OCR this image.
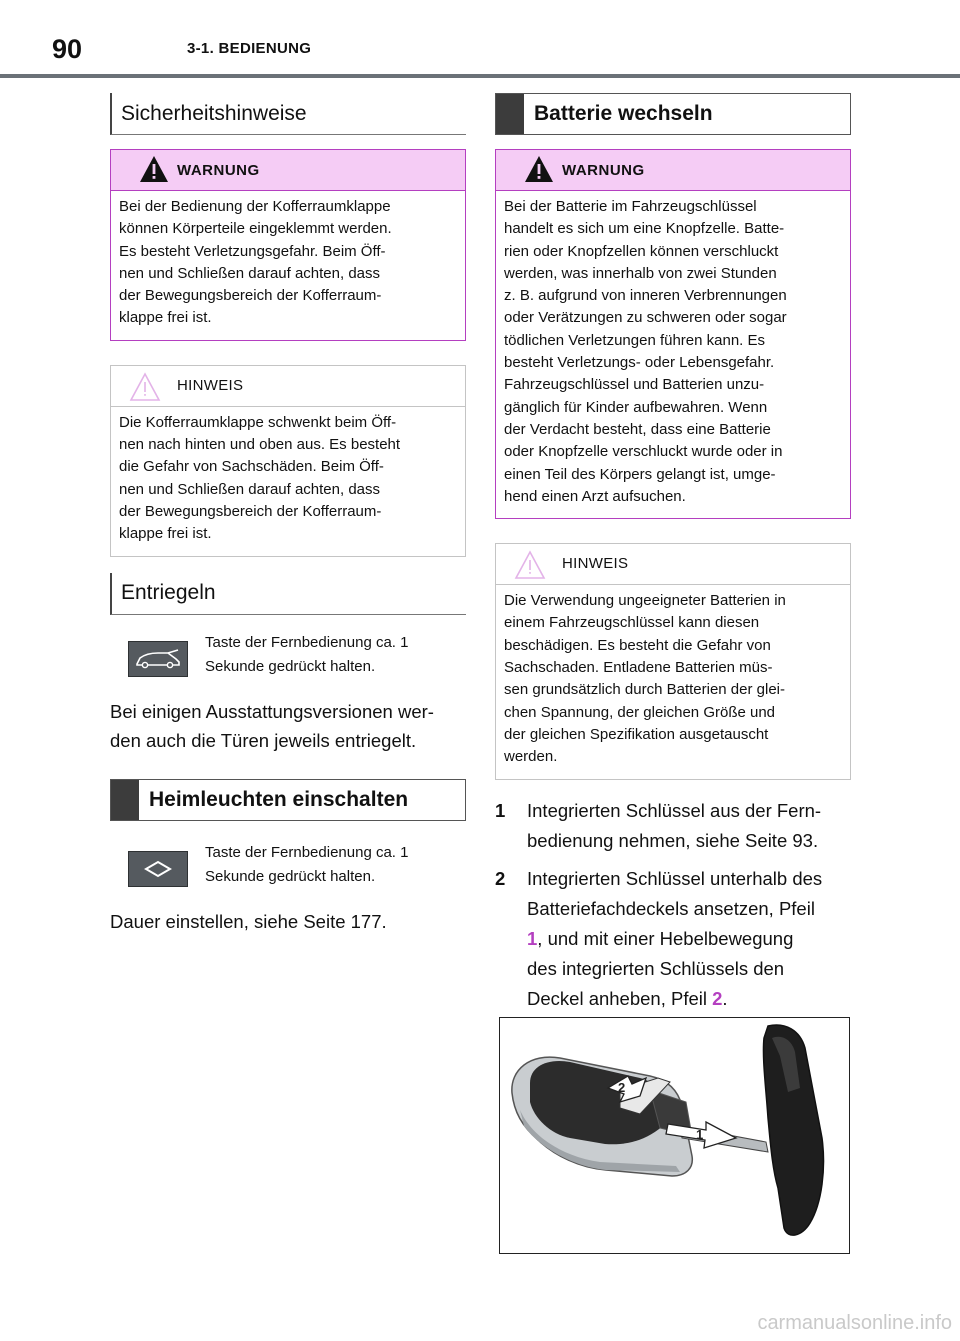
90	3-1. BEDIENUNG
Sicherheitshinweise
WARNUNG
Bei der Bedienung der Kofferraumklappe
können Körperteile eingeklemmt werden.
Es besteht Verletzungsgefahr. Beim Öff-
nen und Schließen darauf achten, dass
der Bewegungsbereich der Kofferraum-
klappe frei ist.
HINWEIS
Die Kofferraumklappe schwenkt beim Öff-
nen nach hinten und oben aus. Es besteht
die Gefahr von Sachschäden. Beim Öff-
nen und Schließen darauf achten, dass
der Bewegungsbereich der Kofferraum-
klappe frei ist.
Entriegeln
Taste der Fernbedienung ca. 1
Sekunde gedrückt halten.
Bei einigen Ausstattungsversionen wer-
den auch die Türen jeweils entriegelt.
Heimleuchten einschalten
Taste der Fernbedienung ca. 1
Sekunde gedrückt halten.
Dauer einstellen, siehe Seite 177.
Batterie wechseln
WARNUNG
Bei der Batterie im Fahrzeugschlüssel
handelt es sich um eine Knopfzelle. Batte-
rien oder Knopfzellen können verschluckt
werden, was innerhalb von zwei Stunden
z. B. aufgrund von inneren Verbrennungen
oder Verätzungen zu schweren oder sogar
tödlichen Verletzungen führen kann. Es
besteht Verletzungs- oder Lebensgefahr.
Fahrzeugschlüssel und Batterien unzu-
gänglich für Kinder aufbewahren. Wenn
der Verdacht besteht, dass eine Batterie
oder Knopfzelle verschluckt wurde oder in
einen Teil des Körpers gelangt ist, umge-
hend einen Arzt aufsuchen.
HINWEIS
Die Verwendung ungeeigneter Batterien in
einem Fahrzeugschlüssel kann diesen
beschädigen. Es besteht die Gefahr von
Sachschaden. Entladene Batterien müs-
sen grundsätzlich durch Batterien der glei-
chen Spannung, der gleichen Größe und
der gleichen Spezifikation ausgetauscht
werden.
1 Integrierten Schlüssel aus der Fern-
bedienung nehmen, siehe Seite 93.
2 Integrierten Schlüssel unterhalb des
Batteriefachdeckels ansetzen, Pfeil
1, und mit einer Hebelbewegung
des integrierten Schlüssels den
Deckel anheben, Pfeil 2.
2
1
carmanualsonline.info
